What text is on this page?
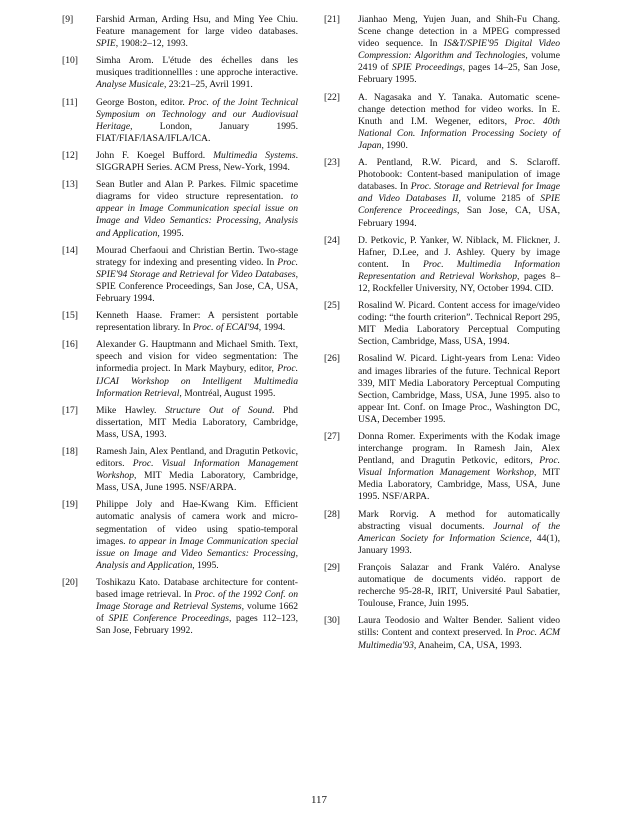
[9] Farshid Arman, Arding Hsu, and Ming Yee Chiu. Feature management for large video databases. SPIE, 1908:2–12, 1993.
[10] Simha Arom. L'étude des échelles dans les musiques traditionnellles : une approche interactive. Analyse Musicale, 23:21–25, Avril 1991.
[11] George Boston, editor. Proc. of the Joint Technical Symposium on Technology and our Audiovisual Heritage, London, January 1995. FIAT/FIAF/IASA/IFLA/ICA.
[12] John F. Koegel Bufford. Multimedia Systems. SIGGRAPH Series. ACM Press, New-York, 1994.
[13] Sean Butler and Alan P. Parkes. Filmic spacetime diagrams for video structure representation. to appear in Image Communication special issue on Image and Video Semantics: Processing, Analysis and Application, 1995.
[14] Mourad Cherfaoui and Christian Bertin. Two-stage strategy for indexing and presenting video. In Proc. SPIE'94 Storage and Retrieval for Video Databases, SPIE Conference Proceedings, San Jose, CA, USA, February 1994.
[15] Kenneth Haase. Framer: A persistent portable representation library. In Proc. of ECAI'94, 1994.
[16] Alexander G. Hauptmann and Michael Smith. Text, speech and vision for video segmentation: The informedia project. In Mark Maybury, editor, Proc. IJCAI Workshop on Intelligent Multimedia Information Retrieval, Montréal, August 1995.
[17] Mike Hawley. Structure Out of Sound. Phd dissertation, MIT Media Laboratory, Cambridge, Mass, USA, 1993.
[18] Ramesh Jain, Alex Pentland, and Dragutin Petkovic, editors. Proc. Visual Information Management Workshop, MIT Media Laboratory, Cambridge, Mass, USA, June 1995. NSF/ARPA.
[19] Philippe Joly and Hae-Kwang Kim. Efficient automatic analysis of camera work and micro-segmentation of video using spatio-temporal images. to appear in Image Communication special issue on Image and Video Semantics: Processing, Analysis and Application, 1995.
[20] Toshikazu Kato. Database architecture for content-based image retrieval. In Proc. of the 1992 Conf. on Image Storage and Retrieval Systems, volume 1662 of SPIE Conference Proceedings, pages 112–123, San Jose, February 1992.
[21] Jianhao Meng, Yujen Juan, and Shih-Fu Chang. Scene change detection in a MPEG compressed video sequence. In IS&T/SPIE'95 Digital Video Compression: Algorithm and Technologies, volume 2419 of SPIE Proceedings, pages 14–25, San Jose, February 1995.
[22] A. Nagasaka and Y. Tanaka. Automatic scene-change detection method for video works. In E. Knuth and I.M. Wegener, editors, Proc. 40th National Con. Information Processing Society of Japan, 1990.
[23] A. Pentland, R.W. Picard, and S. Sclaroff. Photobook: Content-based manipulation of image databases. In Proc. Storage and Retrieval for Image and Video Databases II, volume 2185 of SPIE Conference Proceedings, San Jose, CA, USA, February 1994.
[24] D. Petkovic, P. Yanker, W. Niblack, M. Flickner, J. Hafner, D.Lee, and J. Ashley. Query by image content. In Proc. Multimedia Information Representation and Retrieval Workshop, pages 8–12, Rockfeller University, NY, October 1994. CID.
[25] Rosalind W. Picard. Content access for image/video coding: “the fourth criterion”. Technical Report 295, MIT Media Laboratory Perceptual Computing Section, Cambridge, Mass, USA, 1994.
[26] Rosalind W. Picard. Light-years from Lena: Video and images libraries of the future. Technical Report 339, MIT Media Laboratory Perceptual Computing Section, Cambridge, Mass, USA, June 1995. also to appear Int. Conf. on Image Proc., Washington DC, USA, December 1995.
[27] Donna Romer. Experiments with the Kodak image interchange program. In Ramesh Jain, Alex Pentland, and Dragutin Petkovic, editors, Proc. Visual Information Management Workshop, MIT Media Laboratory, Cambridge, Mass, USA, June 1995. NSF/ARPA.
[28] Mark Rorvig. A method for automatically abstracting visual documents. Journal of the American Society for Information Science, 44(1), January 1993.
[29] François Salazar and Frank Valéro. Analyse automatique de documents vidéo. rapport de recherche 95-28-R, IRIT, Université Paul Sabatier, Toulouse, France, Juin 1995.
[30] Laura Teodosio and Walter Bender. Salient video stills: Content and context preserved. In Proc. ACM Multimedia'93, Anaheim, CA, USA, 1993.
117
